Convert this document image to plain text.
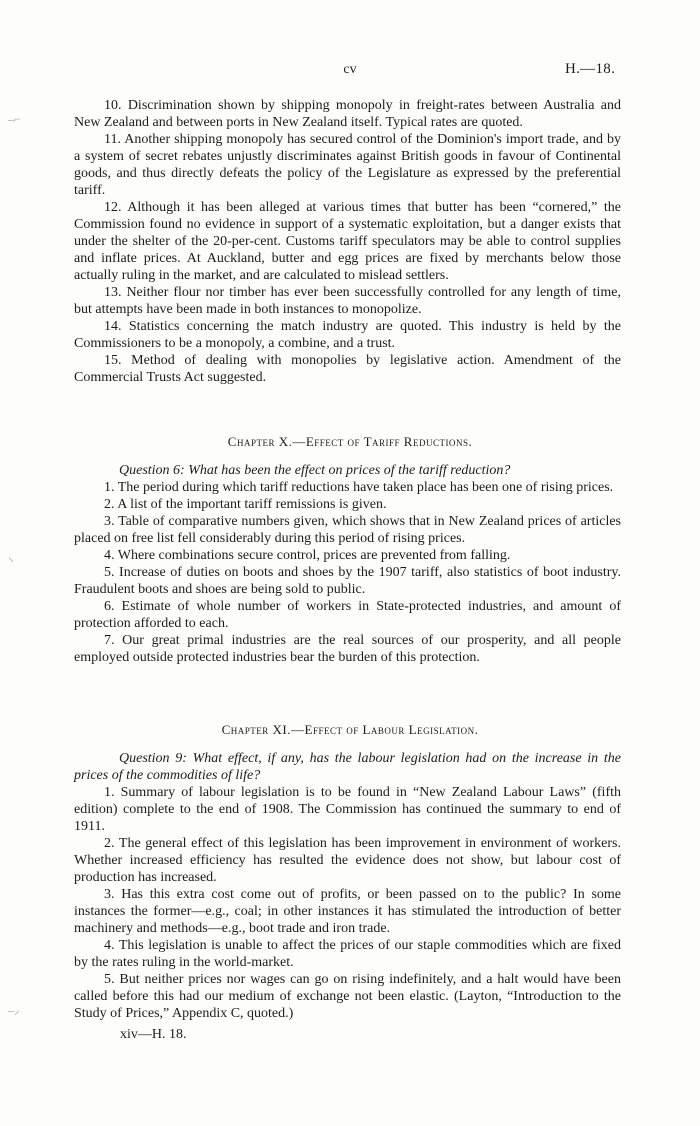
cv	H.—18.
–⌐
⸜
–⸝

10. Discrimination shown by shipping monopoly in freight-rates between Australia and New Zealand and between ports in New Zealand itself. Typical rates are quoted.

11. Another shipping monopoly has secured control of the Dominion's import trade, and by a system of secret rebates unjustly discriminates against British goods in favour of Continental goods, and thus directly defeats the policy of the Legislature as expressed by the preferential tariff.

12. Although it has been alleged at various times that butter has been “cornered,” the Commission found no evidence in support of a systematic exploitation, but a danger exists that under the shelter of the 20-per-cent. Customs tariff speculators may be able to control supplies and inflate prices. At Auckland, butter and egg prices are fixed by merchants below those actually ruling in the market, and are calculated to mislead settlers.

13. Neither flour nor timber has ever been successfully controlled for any length of time, but attempts have been made in both instances to monopolize.

14. Statistics concerning the match industry are quoted. This industry is held by the Commissioners to be a monopoly, a combine, and a trust.

15. Method of dealing with monopolies by legislative action. Amendment of the Commercial Trusts Act suggested.

Chapter X.—Effect of Tariff Reductions.

Question 6: What has been the effect on prices of the tariff reduction?

1. The period during which tariff reductions have taken place has been one of rising prices.

2. A list of the important tariff remissions is given.

3. Table of comparative numbers given, which shows that in New Zealand prices of articles placed on free list fell considerably during this period of rising prices.

4. Where combinations secure control, prices are prevented from falling.

5. Increase of duties on boots and shoes by the 1907 tariff, also statistics of boot industry. Fraudulent boots and shoes are being sold to public.

6. Estimate of whole number of workers in State-protected industries, and amount of protection afforded to each.

7. Our great primal industries are the real sources of our prosperity, and all people employed outside protected industries bear the burden of this protection.

Chapter XI.—Effect of Labour Legislation.

Question 9: What effect, if any, has the labour legislation had on the increase in the prices of the commodities of life?

1. Summary of labour legislation is to be found in “New Zealand Labour Laws” (fifth edition) complete to the end of 1908. The Commission has continued the summary to end of 1911.

2. The general effect of this legislation has been improvement in environment of workers. Whether increased efficiency has resulted the evidence does not show, but labour cost of production has increased.

3. Has this extra cost come out of profits, or been passed on to the public? In some instances the former—e.g., coal; in other instances it has stimulated the introduction of better machinery and methods—e.g., boot trade and iron trade.

4. This legislation is unable to affect the prices of our staple commodities which are fixed by the rates ruling in the world-market.

5. But neither prices nor wages can go on rising indefinitely, and a halt would have been called before this had our medium of exchange not been elastic. (Layton, “Introduction to the Study of Prices,” Appendix C, quoted.)

xiv—H. 18.
